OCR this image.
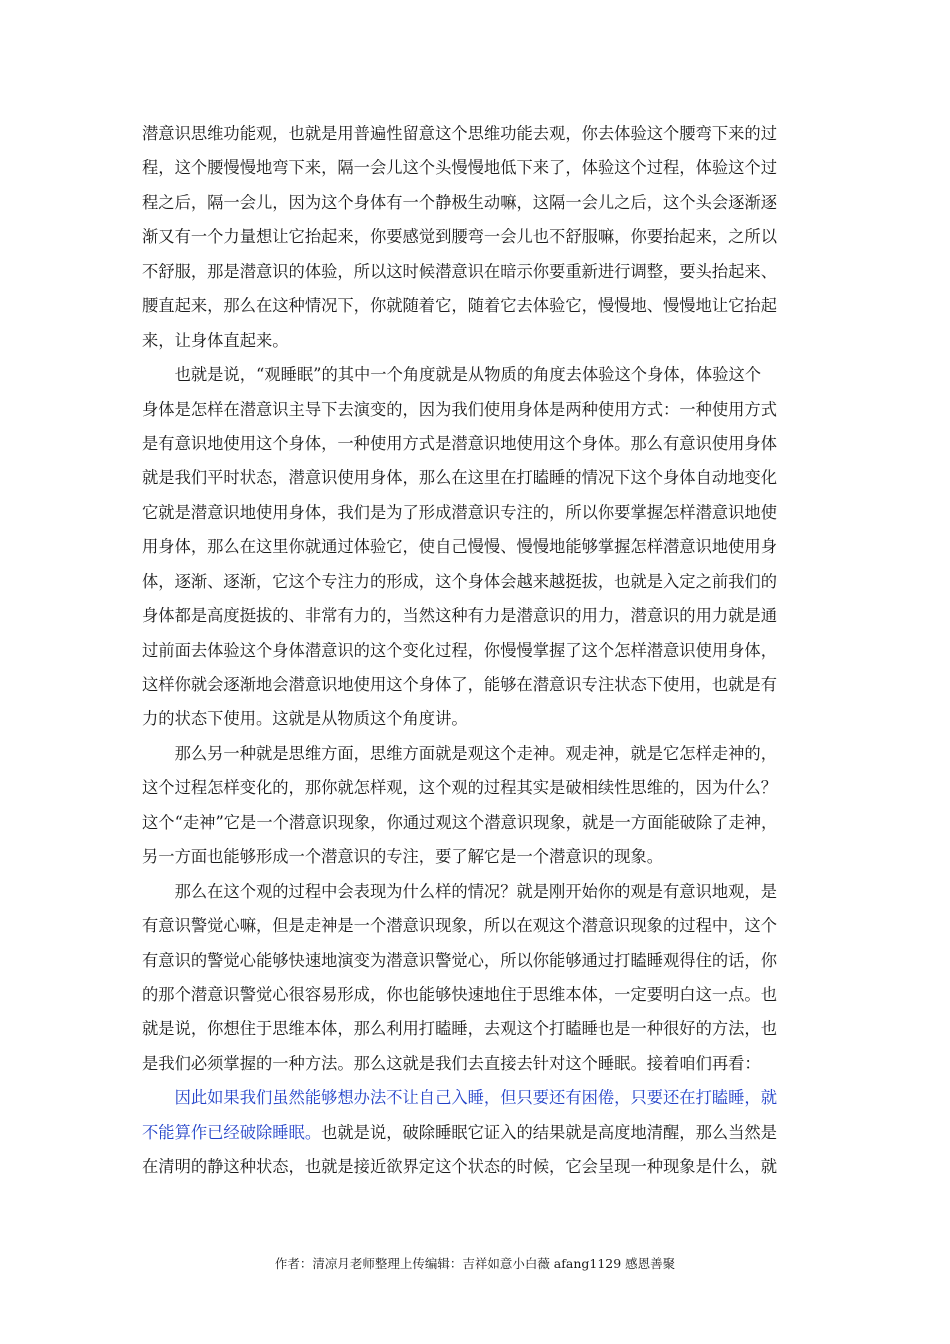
潜意识思维功能观，也就是用普遍性留意这个思维功能去观，你去体验这个腰弯下来的过
程，这个腰慢慢地弯下来，隔一会儿这个头慢慢地低下来了，体验这个过程，体验这个过
程之后，隔一会儿，因为这个身体有一个静极生动嘛，这隔一会儿之后，这个头会逐渐逐
渐又有一个力量想让它抬起来，你要感觉到腰弯一会儿也不舒服嘛，你要抬起来，之所以
不舒服，那是潜意识的体验，所以这时候潜意识在暗示你要重新进行调整，要头抬起来、
腰直起来，那么在这种情况下，你就随着它，随着它去体验它，慢慢地、慢慢地让它抬起
来，让身体直起来。
　　也就是说，“观睡眠”的其中一个角度就是从物质的角度去体验这个身体，体验这个
身体是怎样在潜意识主导下去演变的，因为我们使用身体是两种使用方式：一种使用方式
是有意识地使用这个身体，一种使用方式是潜意识地使用这个身体。那么有意识使用身体
就是我们平时状态，潜意识使用身体，那么在这里在打瞌睡的情况下这个身体自动地变化
它就是潜意识地使用身体，我们是为了形成潜意识专注的，所以你要掌握怎样潜意识地使
用身体，那么在这里你就通过体验它，使自己慢慢、慢慢地能够掌握怎样潜意识地使用身
体，逐渐、逐渐，它这个专注力的形成，这个身体会越来越挺拔，也就是入定之前我们的
身体都是高度挺拔的、非常有力的，当然这种有力是潜意识的用力，潜意识的用力就是通
过前面去体验这个身体潜意识的这个变化过程，你慢慢掌握了这个怎样潜意识使用身体，
这样你就会逐渐地会潜意识地使用这个身体了，能够在潜意识专注状态下使用，也就是有
力的状态下使用。这就是从物质这个角度讲。
　　那么另一种就是思维方面，思维方面就是观这个走神。观走神，就是它怎样走神的，
这个过程怎样变化的，那你就怎样观，这个观的过程其实是破相续性思维的，因为什么？
这个“走神”它是一个潜意识现象，你通过观这个潜意识现象，就是一方面能破除了走神，
另一方面也能够形成一个潜意识的专注，要了解它是一个潜意识的现象。
　　那么在这个观的过程中会表现为什么样的情况？就是刚开始你的观是有意识地观，是
有意识警觉心嘛，但是走神是一个潜意识现象，所以在观这个潜意识现象的过程中，这个
有意识的警觉心能够快速地演变为潜意识警觉心，所以你能够通过打瞌睡观得住的话，你
的那个潜意识警觉心很容易形成，你也能够快速地住于思维本体，一定要明白这一点。也
就是说，你想住于思维本体，那么利用打瞌睡，去观这个打瞌睡也是一种很好的方法，也
是我们必须掌握的一种方法。那么这就是我们去直接去针对这个睡眠。接着咱们再看：
　　因此如果我们虽然能够想办法不让自己入睡，但只要还有困倦，只要还在打瞌睡，就
不能算作已经破除睡眠。也就是说，破除睡眠它证入的结果就是高度地清醒，那么当然是
在清明的静这种状态，也就是接近欲界定这个状态的时候，它会呈现一种现象是什么，就
作者：清凉月老师整理上传编辑：吉祥如意小白薇 afang1129 感恩善聚
